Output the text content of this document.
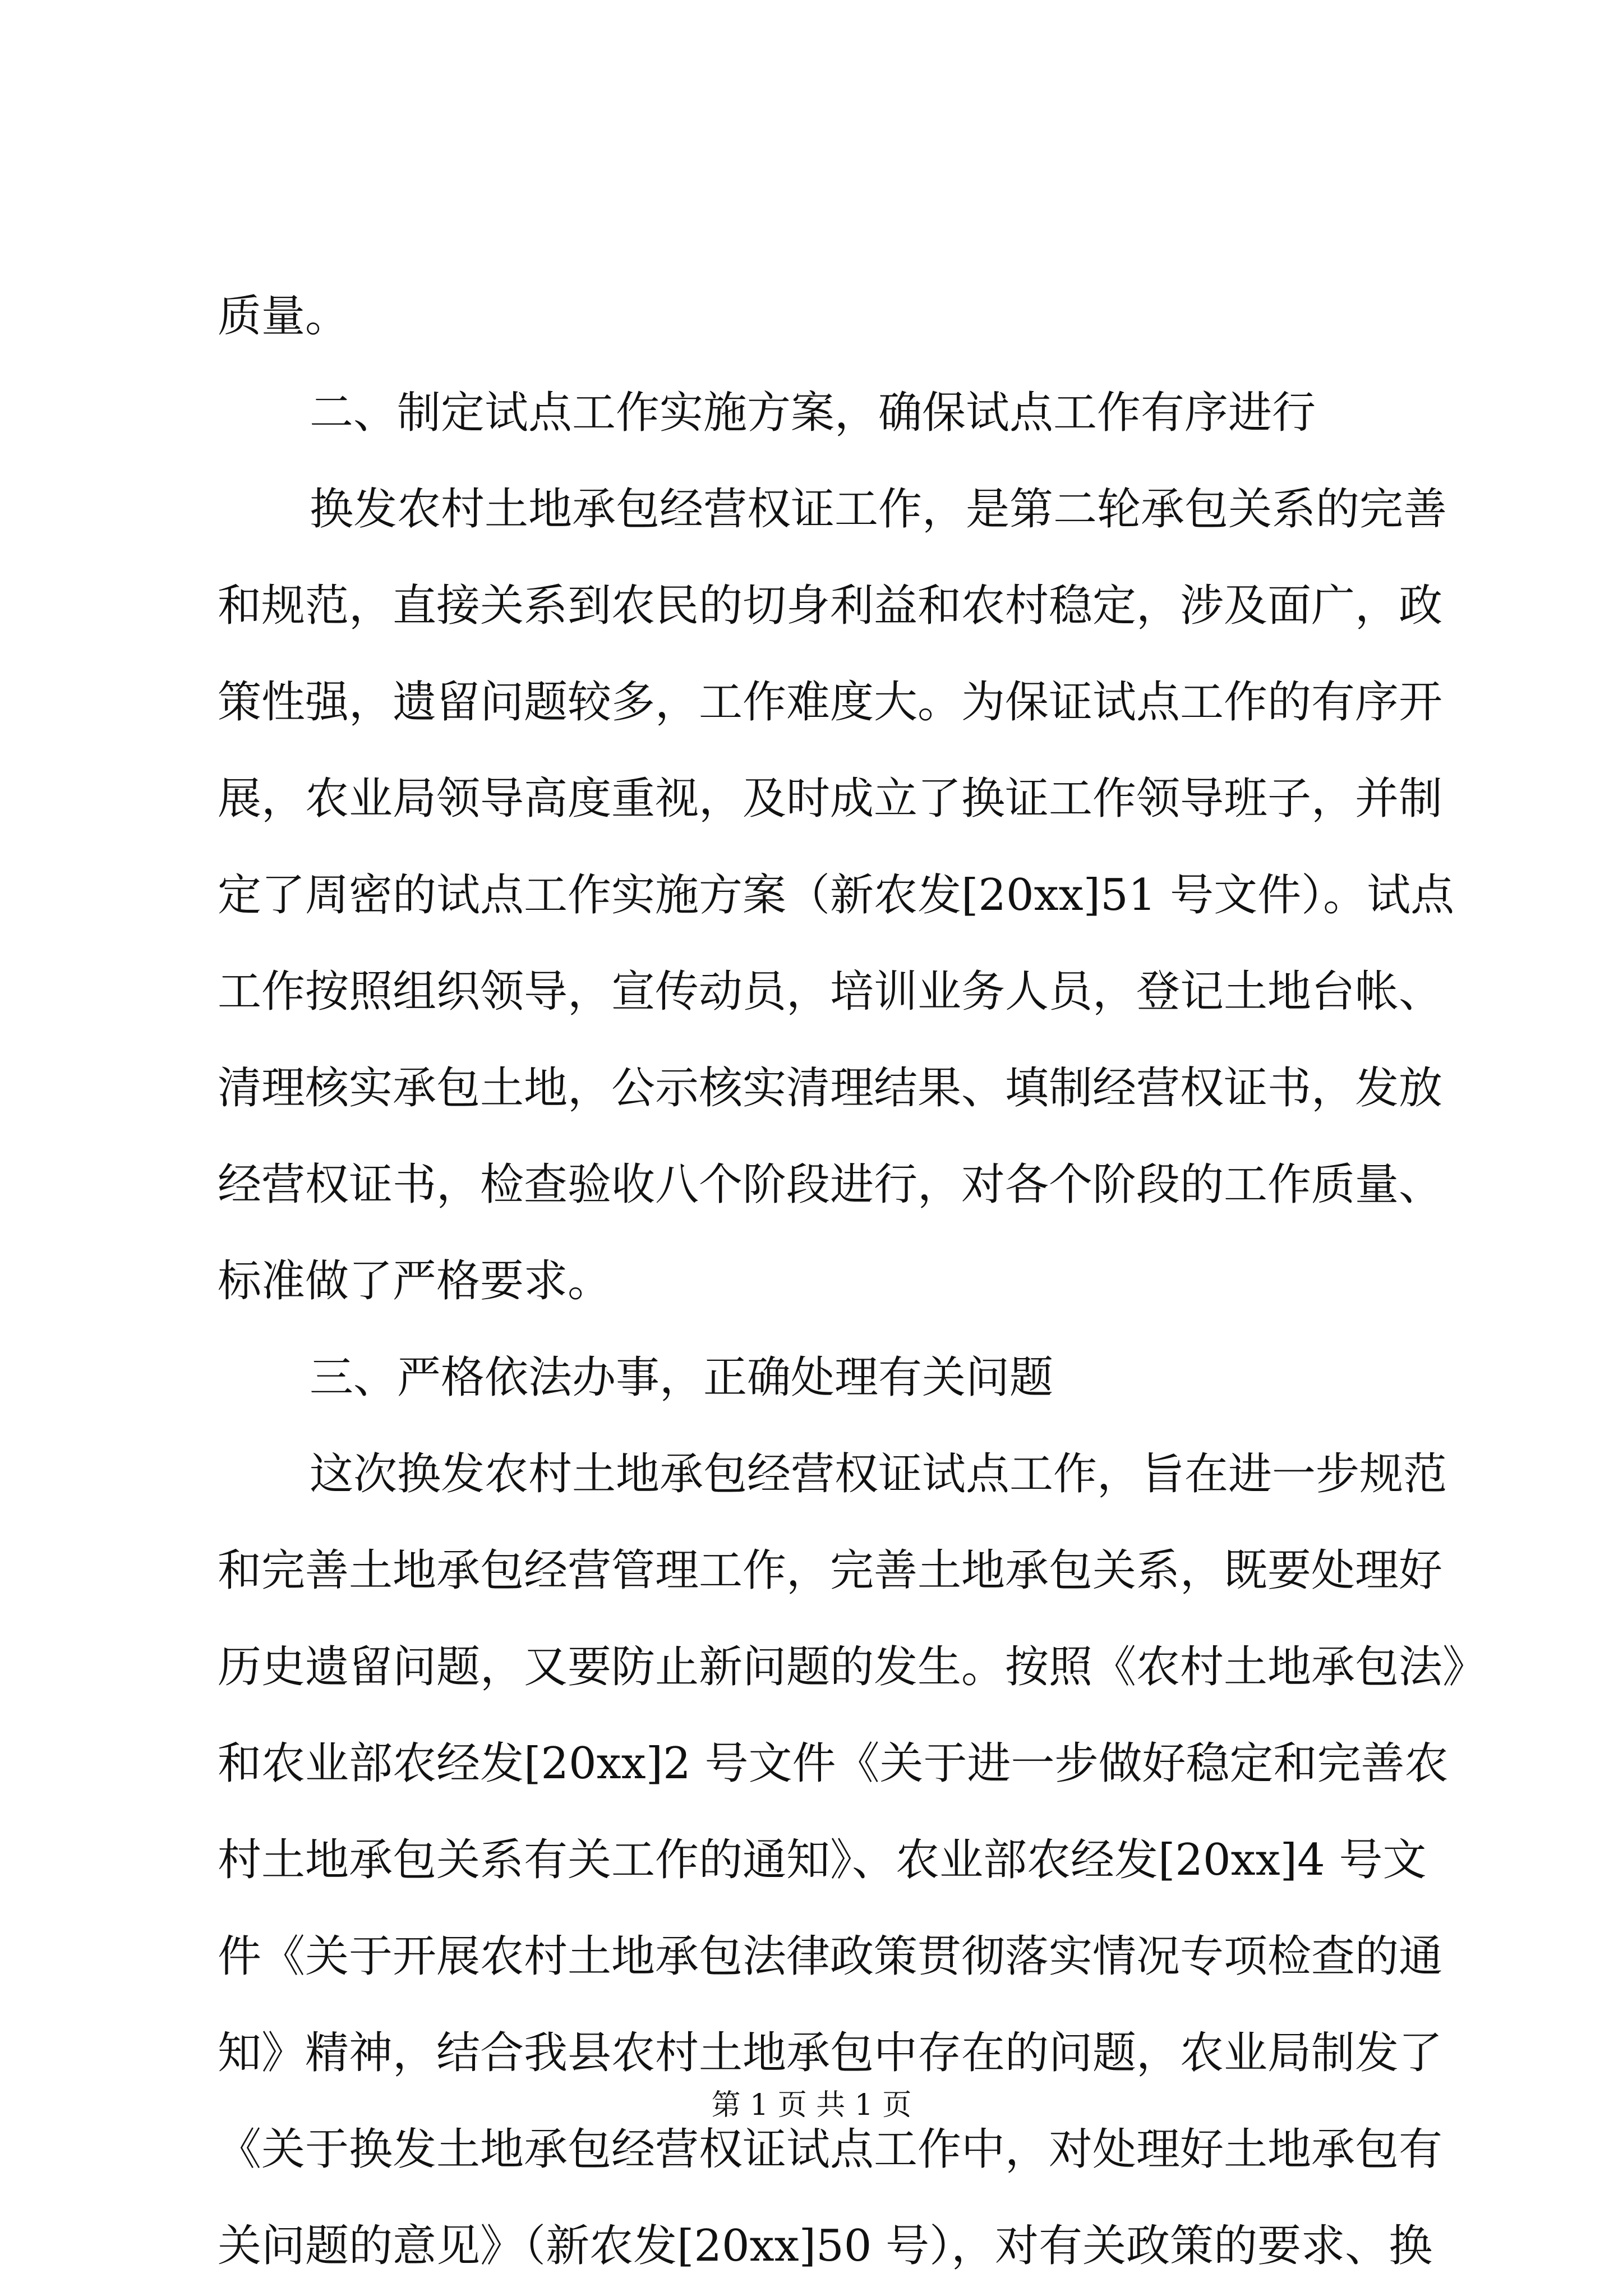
质量。
二、制定试点工作实施方案，确保试点工作有序进行
换发农村土地承包经营权证工作，是第二轮承包关系的完善
和规范，直接关系到农民的切身利益和农村稳定，涉及面广，政
策性强，遗留问题较多，工作难度大。为保证试点工作的有序开
展，农业局领导高度重视，及时成立了换证工作领导班子，并制
定了周密的试点工作实施方案（新农发[20xx]51 号文件）。试点
工作按照组织领导，宣传动员，培训业务人员，登记土地台帐、
清理核实承包土地，公示核实清理结果、填制经营权证书，发放
经营权证书，检查验收八个阶段进行，对各个阶段的工作质量、
标准做了严格要求。
三、严格依法办事，正确处理有关问题
这次换发农村土地承包经营权证试点工作，旨在进一步规范
和完善土地承包经营管理工作，完善土地承包关系，既要处理好
历史遗留问题，又要防止新问题的发生。按照《农村土地承包法》
和农业部农经发[20xx]2 号文件《关于进一步做好稳定和完善农
村土地承包关系有关工作的通知》、农业部农经发[20xx]4 号文
件《关于开展农村土地承包法律政策贯彻落实情况专项检查的通
知》精神，结合我县农村土地承包中存在的问题，农业局制发了
《关于换发土地承包经营权证试点工作中，对处理好土地承包有
关问题的意见》（新农发[20xx]50 号），对有关政策的要求、换
第 1 页 共 1 页
